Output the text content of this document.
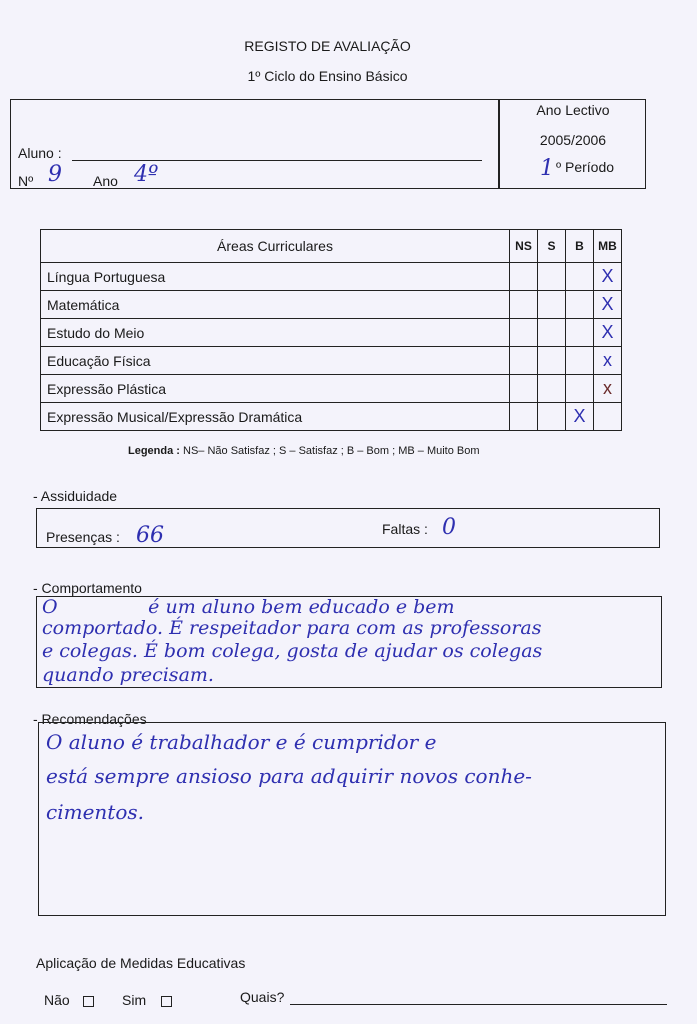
REGISTO DE AVALIAÇÃO
1º Ciclo do Ensino Básico
Aluno :
Nº 9 Ano 4º
Ano Lectivo
2005/2006
1 º Período
Áreas Curriculares	NS	S	B	MB
Língua Portuguesa				X
Matemática				X
Estudo do Meio				X
Educação Física				x
Expressão Plástica				x
Expressão Musical/Expressão Dramática			X	
Legenda : NS– Não Satisfaz ; S – Satisfaz ; B – Bom ; MB – Muito Bom
- Assiduidade
Presenças : 66	Faltas : 0
- Comportamento
O               é um aluno bem educado e bem
comportado. É respeitador para com as professoras
e colegas. É bom colega, gosta de ajudar os colegas
quando precisam.
- Recomendações
O aluno é trabalhador e é cumpridor e
está sempre ansioso para adquirir novos conhe-
cimentos.
Aplicação de Medidas Educativas
Não	Sim	Quais?
